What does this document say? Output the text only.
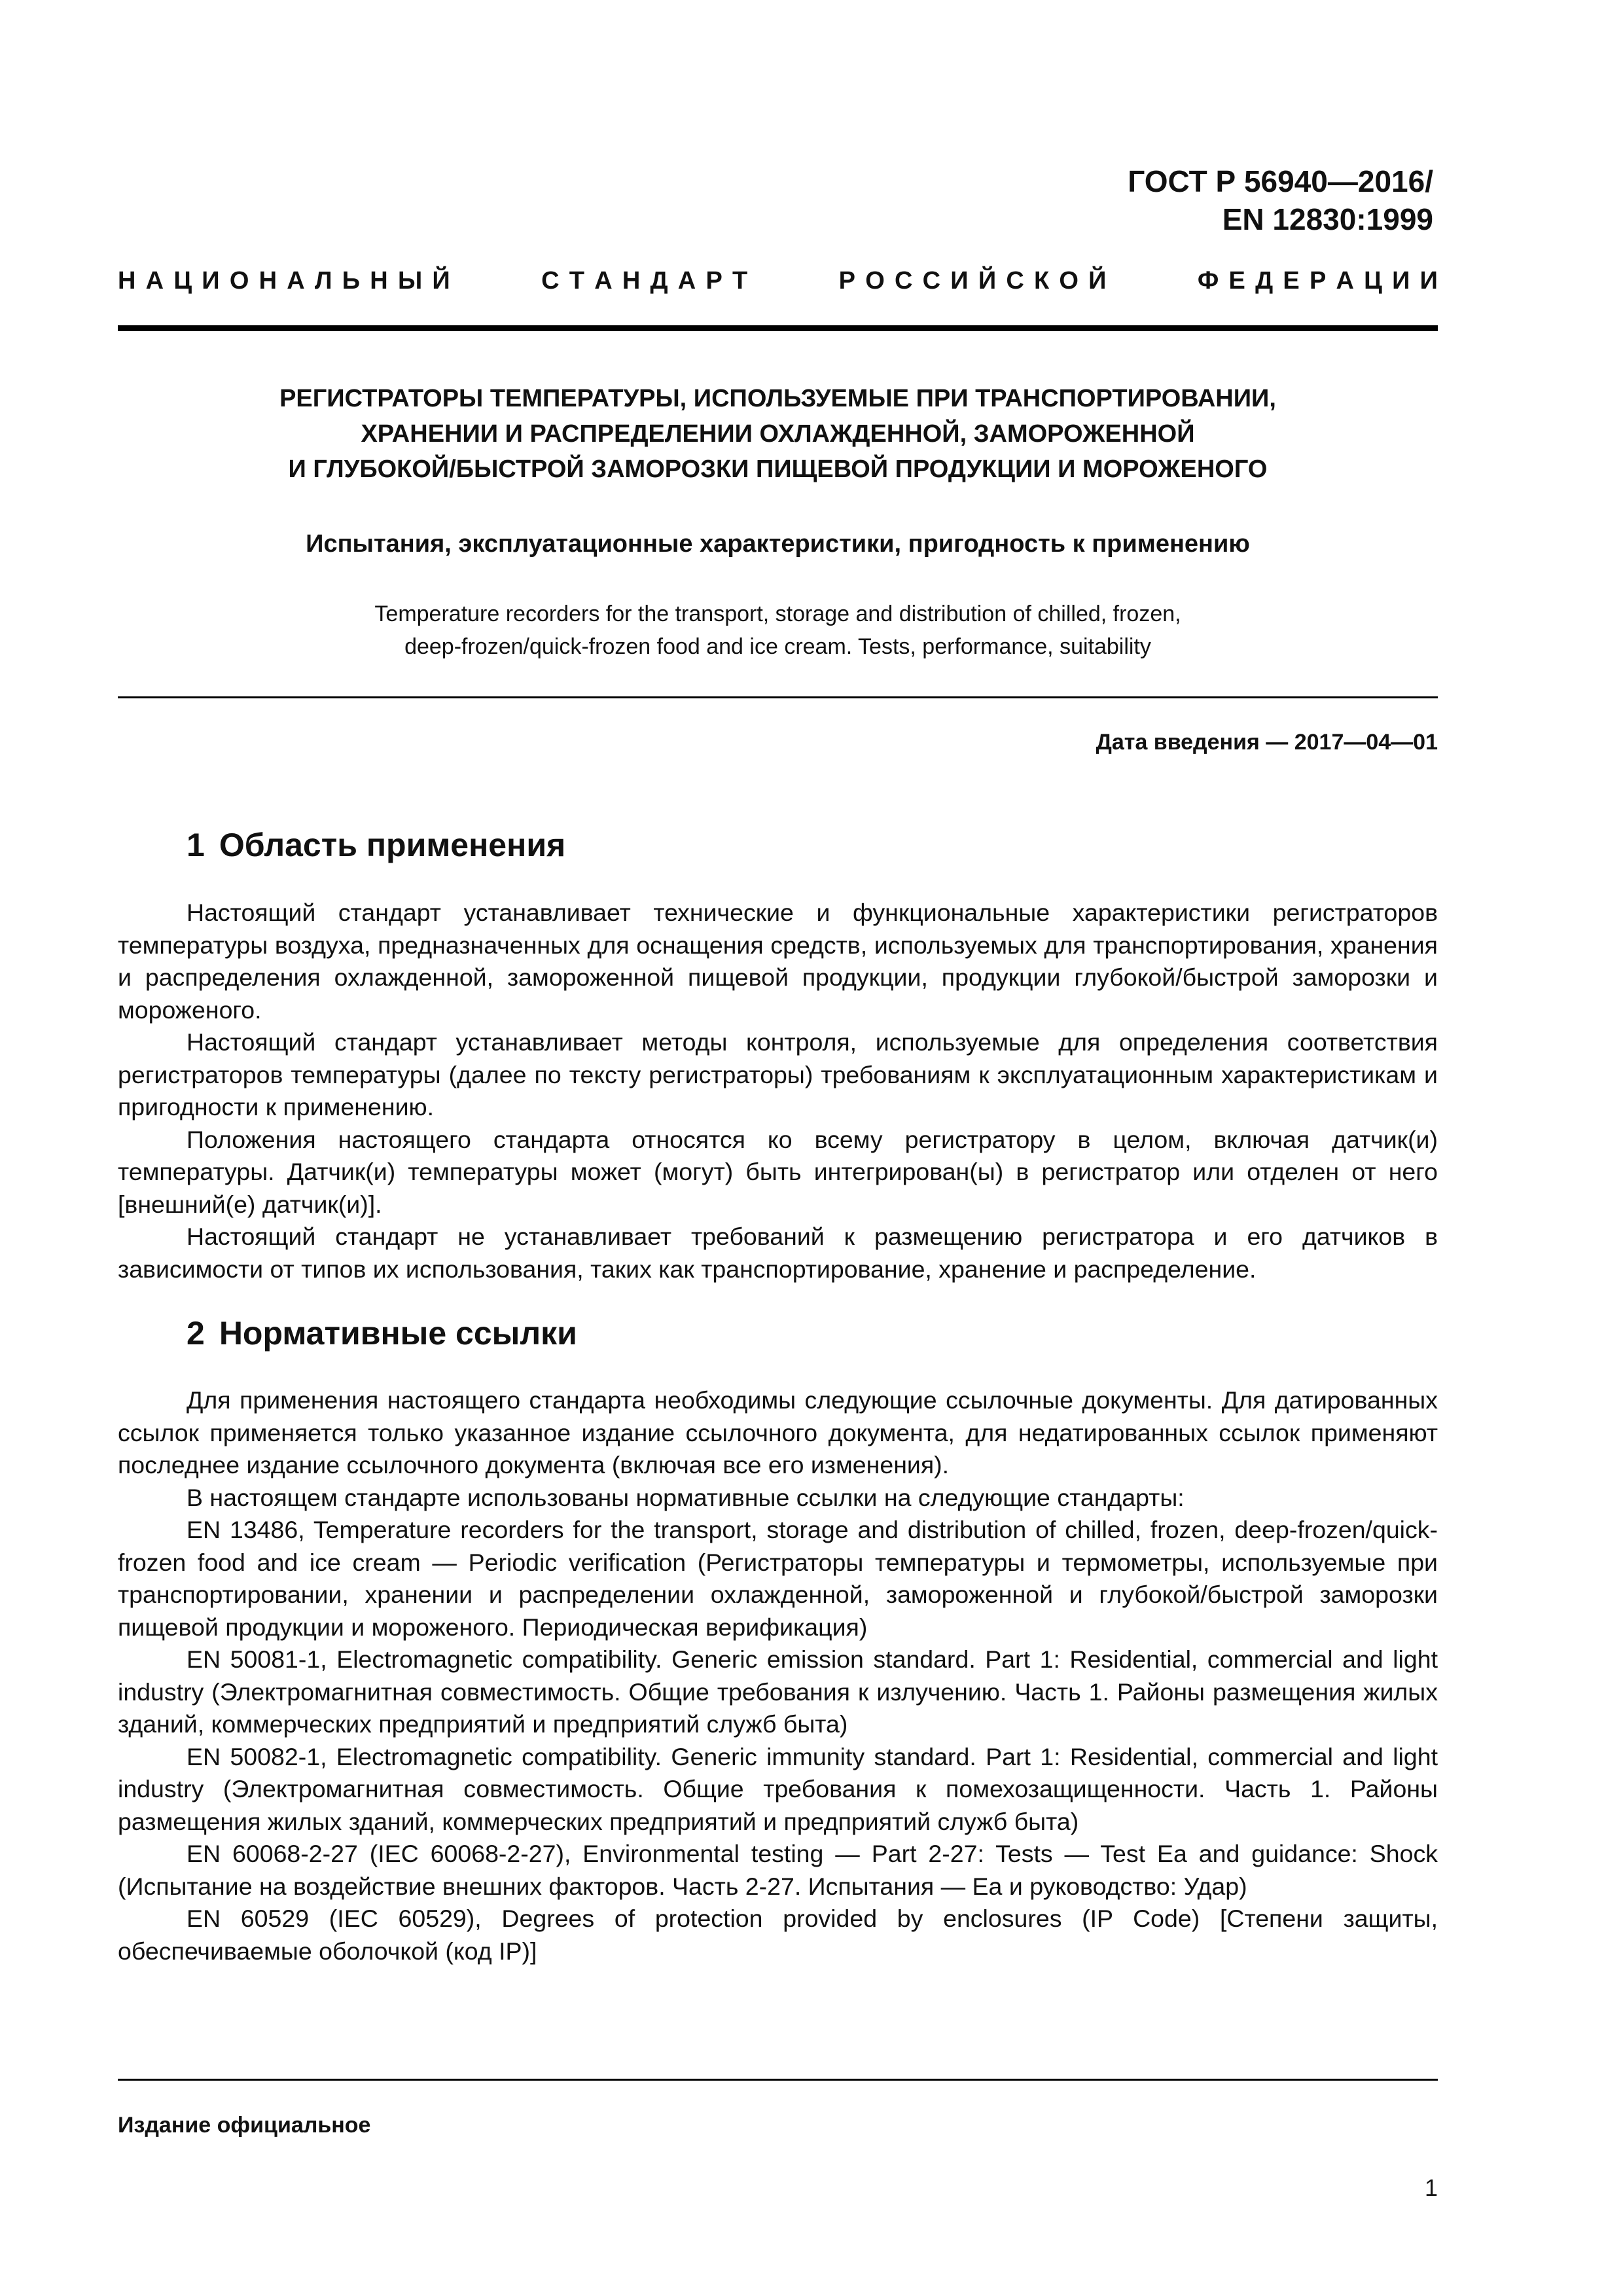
ГОСТ Р 56940—2016/
EN 12830:1999
Н  А  Ц  И  О  Н  А  Л  Ь  Н  Ы  Й	С  Т  А  Н  Д  А  Р  Т	Р  О  С  С  И  Й  С  К  О  Й	Ф  Е  Д  Е  Р  А  Ц  И  И
РЕГИСТРАТОРЫ ТЕМПЕРАТУРЫ, ИСПОЛЬЗУЕМЫЕ ПРИ ТРАНСПОРТИРОВАНИИ,
ХРАНЕНИИ И РАСПРЕДЕЛЕНИИ ОХЛАЖДЕННОЙ, ЗАМОРОЖЕННОЙ
И ГЛУБОКОЙ/БЫСТРОЙ ЗАМОРОЗКИ ПИЩЕВОЙ ПРОДУКЦИИ И МОРОЖЕНОГО
Испытания, эксплуатационные характеристики, пригодность к применению
Temperature recorders for the transport, storage and distribution of chilled, frozen,
deep-frozen/quick-frozen food and ice cream. Tests, performance, suitability
Дата введения — 2017—04—01
1 Область применения

Настоящий стандарт устанавливает технические и функциональные характеристики регистраторов температуры воздуха, предназначенных для оснащения средств, используемых для транспортирования, хранения и распределения охлажденной, замороженной пищевой продукции, продукции глубокой/быстрой заморозки и мороженого.

Настоящий стандарт устанавливает методы контроля, используемые для определения соответствия регистраторов температуры (далее по тексту регистраторы) требованиям к эксплуатационным характеристикам и пригодности к применению.

Положения настоящего стандарта относятся ко всему регистратору в целом, включая датчик(и) температуры. Датчик(и) температуры может (могут) быть интегрирован(ы) в регистратор или отделен от него [внешний(е) датчик(и)].

Настоящий стандарт не устанавливает требований к размещению регистратора и его датчиков в зависимости от типов их использования, таких как транспортирование, хранение и распределение.

2 Нормативные ссылки

Для применения настоящего стандарта необходимы следующие ссылочные документы. Для датированных ссылок применяется только указанное издание ссылочного документа, для недатированных ссылок применяют последнее издание ссылочного документа (включая все его изменения).

В настоящем стандарте использованы нормативные ссылки на следующие стандарты:

EN 13486, Temperature recorders for the transport, storage and distribution of chilled, frozen, deep-frozen/quick-frozen food and ice cream — Periodic verification (Регистраторы температуры и термометры, используемые при транспортировании, хранении и распределении охлажденной, замороженной и глубокой/быстрой заморозки пищевой продукции и мороженого. Периодическая верификация)

EN 50081-1, Electromagnetic compatibility. Generic emission standard. Part 1: Residential, commercial and light industry (Электромагнитная совместимость. Общие требования к излучению. Часть 1. Районы размещения жилых зданий, коммерческих предприятий и предприятий служб быта)

EN 50082-1, Electromagnetic compatibility. Generic immunity standard. Part 1: Residential, commercial and light industry (Электромагнитная совместимость. Общие требования к помехозащищенности. Часть 1. Районы размещения жилых зданий, коммерческих предприятий и предприятий служб быта)

EN 60068-2-27 (IEC 60068-2-27), Environmental testing — Part 2-27: Tests — Test Ea and guidance: Shock (Испытание на воздействие внешних факторов. Часть 2-27. Испытания — Ea и руководство: Удар)

EN 60529 (IEC 60529), Degrees of protection provided by enclosures (IP Code) [Степени защиты, обеспечиваемые оболочкой (код IP)]

Издание официальное
1
